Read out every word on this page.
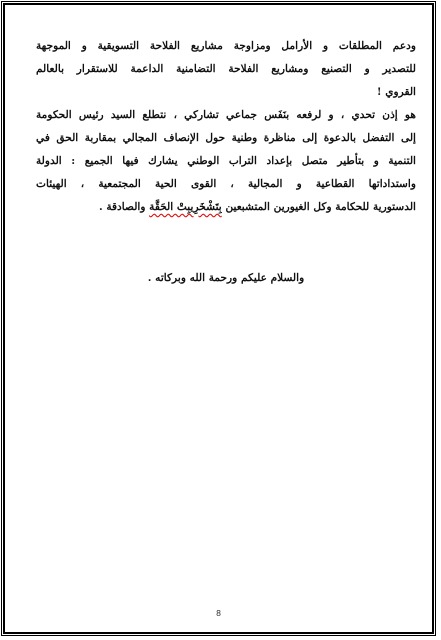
ودعم المطلقات و الأرامل ومزاوجة مشاريع الفلاحة التسويقية و الموجهة

للتصدير و التصنيع ومشاريع الفلاحة التضامنية الداعمة للاستقرار بالعالم

القروي !

هو إذن تحدي ، و لرفعه بنَفَس جماعي تشاركي ، نتطلع السيد رئيس الحكومة

إلى التفضل بالدعوة إلى مناظرة وطنية حول الإنصاف المجالي بمقاربة الحق في

التنمية و بتأطير متصل بإعداد التراب الوطني يشارك فيها الجميع : الدولة

واستداداتها القطاعية و المجالية ، القوى الحية المجتمعية ، الهيئات

الدستورية للحكامة وكل الغيورين المتشبعين بِتَشْخَرِيبِتْ الحَقَّة والصادقة .

والسلام عليكم ورحمة الله وبركاته .
8
